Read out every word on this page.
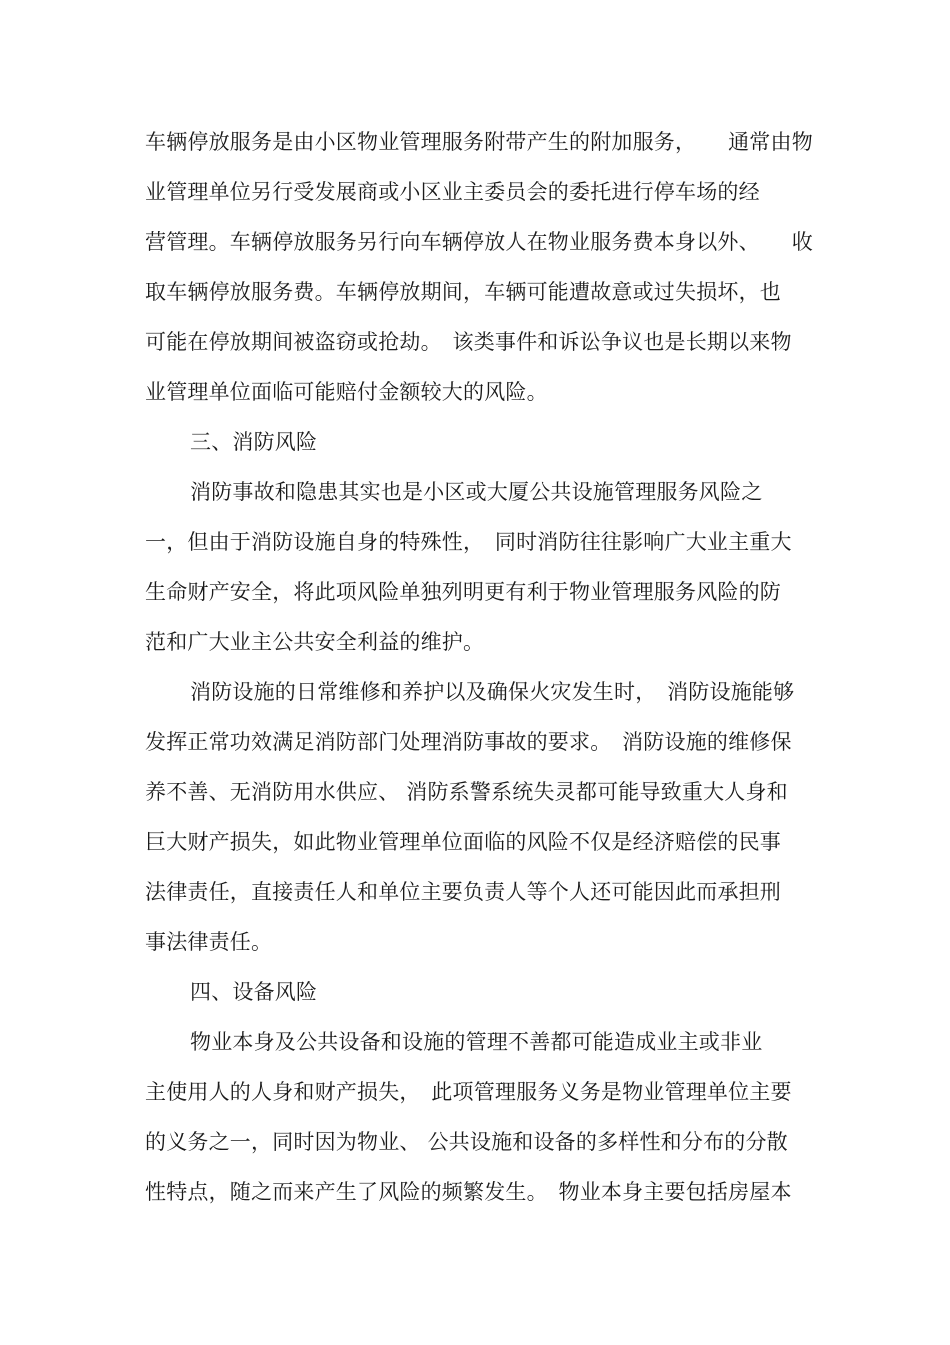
车辆停放服务是由小区物业管理服务附带产生的附加服务，　　通常由物
业管理单位另行受发展商或小区业主委员会的委托进行停车场的经
营管理。车辆停放服务另行向车辆停放人在物业服务费本身以外、　　收
取车辆停放服务费。车辆停放期间，车辆可能遭故意或过失损坏，也
可能在停放期间被盗窃或抢劫。　该类事件和诉讼争议也是长期以来物
业管理单位面临可能赔付金额较大的风险。
三、消防风险
消防事故和隐患其实也是小区或大厦公共设施管理服务风险之
一，但由于消防设施自身的特殊性，　同时消防往往影响广大业主重大
生命财产安全，将此项风险单独列明更有利于物业管理服务风险的防
范和广大业主公共安全利益的维护。
消防设施的日常维修和养护以及确保火灾发生时，　消防设施能够
发挥正常功效满足消防部门处理消防事故的要求。　消防设施的维修保
养不善、无消防用水供应、 消防系警系统失灵都可能导致重大人身和
巨大财产损失，如此物业管理单位面临的风险不仅是经济赔偿的民事
法律责任，直接责任人和单位主要负责人等个人还可能因此而承担刑
事法律责任。
四、设备风险
物业本身及公共设备和设施的管理不善都可能造成业主或非业
主使用人的人身和财产损失，　此项管理服务义务是物业管理单位主要
的义务之一，同时因为物业、 公共设施和设备的多样性和分布的分散
性特点，随之而来产生了风险的频繁发生。　物业本身主要包括房屋本
